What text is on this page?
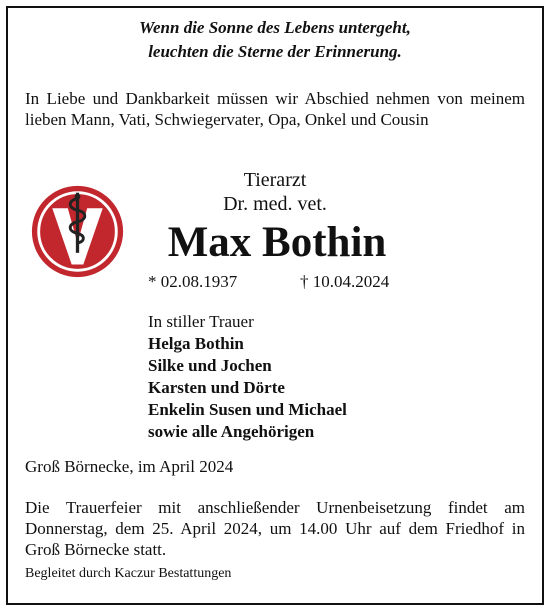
Wenn die Sonne des Lebens untergeht,
leuchten die Sterne der Erinnerung.
In Liebe und Dankbarkeit müssen wir Abschied nehmen von meinem lieben Mann, Vati, Schwiegervater, Opa, Onkel und Cousin
Tierarzt
Dr. med. vet.
Max Bothin
* 02.08.1937	† 10.04.2024
In stiller Trauer
Helga Bothin
Silke und Jochen
Karsten und Dörte
Enkelin Susen und Michael
sowie alle Angehörigen
Groß Börnecke, im April 2024
Die Trauerfeier mit anschließender Urnenbeisetzung findet am Donnerstag, dem 25. April 2024, um 14.00 Uhr auf dem Friedhof in Groß Börnecke statt.
Begleitet durch Kaczur Bestattungen
